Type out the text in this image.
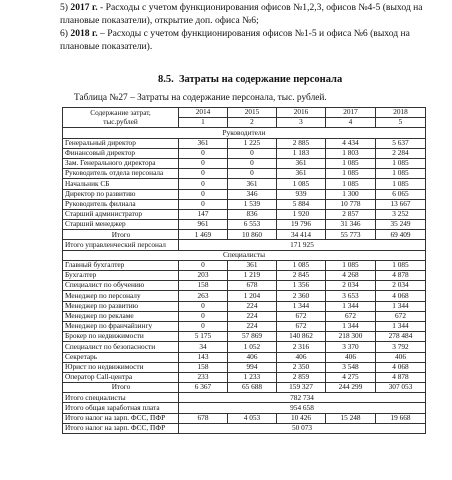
5) 2017 г. - Расходы с учетом функционирования офисов №1,2,3, офисов №4-5 (выход на плановые показатели), открытие доп. офиса №6;
6) 2018 г. – Расходы с учетом функционирования офисов №1-5 и офиса №6 (выход на плановые показатели).
8.5. Затраты на содержание персонала
Таблица №27 – Затраты на содержание персонала, тыс. рублей.
Содержание затрат,
тыс.рублей	2014	2015	2016	2017	2018
	1	2	3	4	5
Руководители					
Генеральный директор	361	1 225	2 885	4 434	5 637
Финансовый директор	0	0	1 183	1 803	2 284
Зам. Генерального директора	0	0	361	1 085	1 085
Руководитель отдела персонала	0	0	361	1 085	1 085
Начальник СБ	0	361	1 085	1 085	1 085
Директор по развитию	0	346	939	1 300	6 065
Руководитель филиала	0	1 539	5 884	10 778	13 667
Старший администратор	147	836	1 920	2 857	3 252
Старший менеджер	961	6 553	19 796	31 346	35 249
Итого	1 469	10 860	34 414	55 773	69 409
Итого управленческий персонал	171 925				
Специалисты					
Главный бухгалтер	0	361	1 085	1 085	1 085
Бухгалтер	203	1 219	2 845	4 268	4 878
Специалист по обучению	158	678	1 356	2 034	2 034
Менеджер по персоналу	263	1 204	2 360	3 653	4 068
Менеджер по развитию	0	224	1 344	1 344	1 344
Менеджер по рекламе	0	224	672	672	672
Менеджер по франчайзингу	0	224	672	1 344	1 344
Брокер по недвижимости	5 175	57 869	140 862	218 300	278 484
Специалист по безопасности	34	1 052	2 316	3 370	3 792
Секретарь	143	406	406	406	406
Юрист по недвижимости	158	994	2 350	3 548	4 068
Оператор Call-центра	233	1 233	2 859	4 275	4 878
Итого	6 367	65 688	159 327	244 299	307 053
Итого специалисты	782 734				
Итого общая заработная плата	954 658				
Итого налог на зарп. ФСС, ПФР	678	4 053	10 426	15 248	19 668
Итого налог на зарп. ФСС, ПФР	50 073				
